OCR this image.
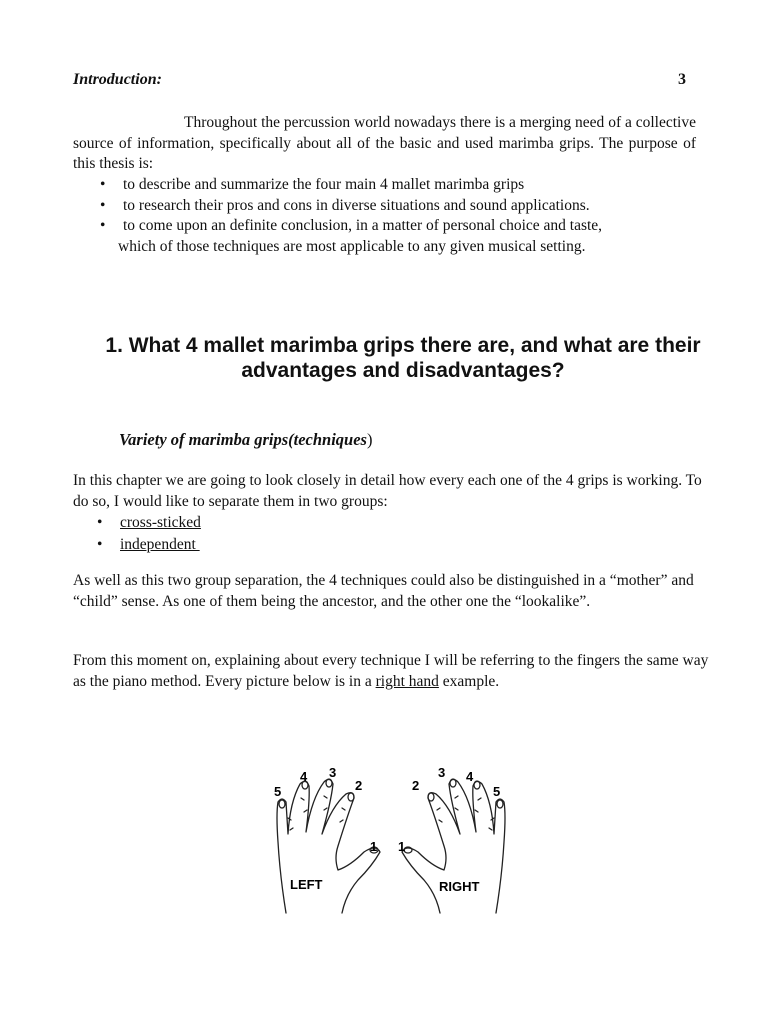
Introduction:	3
Throughout the percussion world nowadays there is a merging need of a collective source of information, specifically about all of the basic and used marimba grips. The purpose of this thesis is:
• to describe and summarize the four main 4 mallet marimba grips
• to research their pros and cons in diverse situations and sound applications.
• to come upon an definite conclusion, in a matter of personal choice and taste,
which of those techniques are most applicable to any given musical setting.
1. What 4 mallet marimba grips there are, and what are their advantages and disadvantages?
Variety of marimba grips(techniques)
In this chapter we are going to look closely in detail how every each one of the 4 grips is working. To do so, I would like to separate them in two groups:
• cross-sticked
• independent
As well as this two group separation, the 4 techniques could also be distinguished in a “mother” and “child” sense. As one of them being the ancestor, and the other one the “lookalike”.
From this moment on, explaining about every technique I will be referring to the fingers the same way as the piano method. Every picture below is in a right hand example.
5
4 3
2
1
LEFT
1
2
3 4
5
RIGHT
